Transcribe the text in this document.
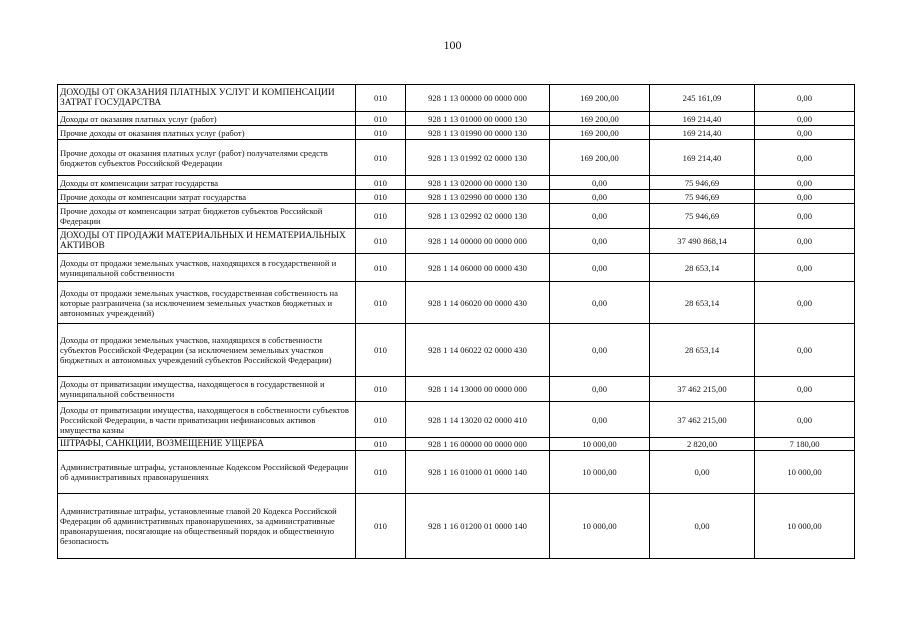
100
ДОХОДЫ ОТ ОКАЗАНИЯ ПЛАТНЫХ УСЛУГ И КОМПЕНСАЦИИ ЗАТРАТ ГОСУДАРСТВА	010	928 1 13 00000 00 0000 000	169 200,00	245 161,09	0,00
Доходы от оказания платных услуг (работ)	010	928 1 13 01000 00 0000 130	169 200,00	169 214,40	0,00
Прочие доходы от оказания платных услуг (работ)	010	928 1 13 01990 00 0000 130	169 200,00	169 214,40	0,00
Прочие доходы от оказания платных услуг (работ) получателями средств бюджетов субъектов Российской Федерации	010	928 1 13 01992 02 0000 130	169 200,00	169 214,40	0,00
Доходы от компенсации затрат государства	010	928 1 13 02000 00 0000 130	0,00	75 946,69	0,00
Прочие доходы от компенсации затрат государства	010	928 1 13 02990 00 0000 130	0,00	75 946,69	0,00
Прочие доходы от компенсации затрат бюджетов субъектов Российской Федерации	010	928 1 13 02992 02 0000 130	0,00	75 946,69	0,00
ДОХОДЫ ОТ ПРОДАЖИ МАТЕРИАЛЬНЫХ И НЕМАТЕРИАЛЬНЫХ АКТИВОВ	010	928 1 14 00000 00 0000 000	0,00	37 490 868,14	0,00
Доходы от продажи земельных участков, находящихся в государственной и муниципальной собственности	010	928 1 14 06000 00 0000 430	0,00	28 653,14	0,00
Доходы от продажи земельных участков, государственная собственность на которые разграничена (за исключением земельных участков бюджетных и автономных учреждений)	010	928 1 14 06020 00 0000 430	0,00	28 653,14	0,00
Доходы от продажи земельных участков, находящихся в собственности субъектов Российской Федерации (за исключением земельных участков бюджетных и автономных учреждений субъектов Российской Федерации)	010	928 1 14 06022 02 0000 430	0,00	28 653,14	0,00
Доходы от приватизации имущества, находящегося в государственной и муниципальной собственности	010	928 1 14 13000 00 0000 000	0,00	37 462 215,00	0,00
Доходы от приватизации имущества, находящегося в собственности субъектов Российской Федерации, в части приватизации нефинансовых активов имущества казны	010	928 1 14 13020 02 0000 410	0,00	37 462 215,00	0,00
ШТРАФЫ, САНКЦИИ, ВОЗМЕЩЕНИЕ УЩЕРБА	010	928 1 16 00000 00 0000 000	10 000,00	2 820,00	7 180,00
Административные штрафы, установленные Кодексом Российской Федерации об административных правонарушениях	010	928 1 16 01000 01 0000 140	10 000,00	0,00	10 000,00
Административные штрафы, установленные главой 20 Кодекса Российской Федерации об административных правонарушениях, за административные правонарушения, посягающие на общественный порядок и общественную безопасность	010	928 1 16 01200 01 0000 140	10 000,00	0,00	10 000,00
